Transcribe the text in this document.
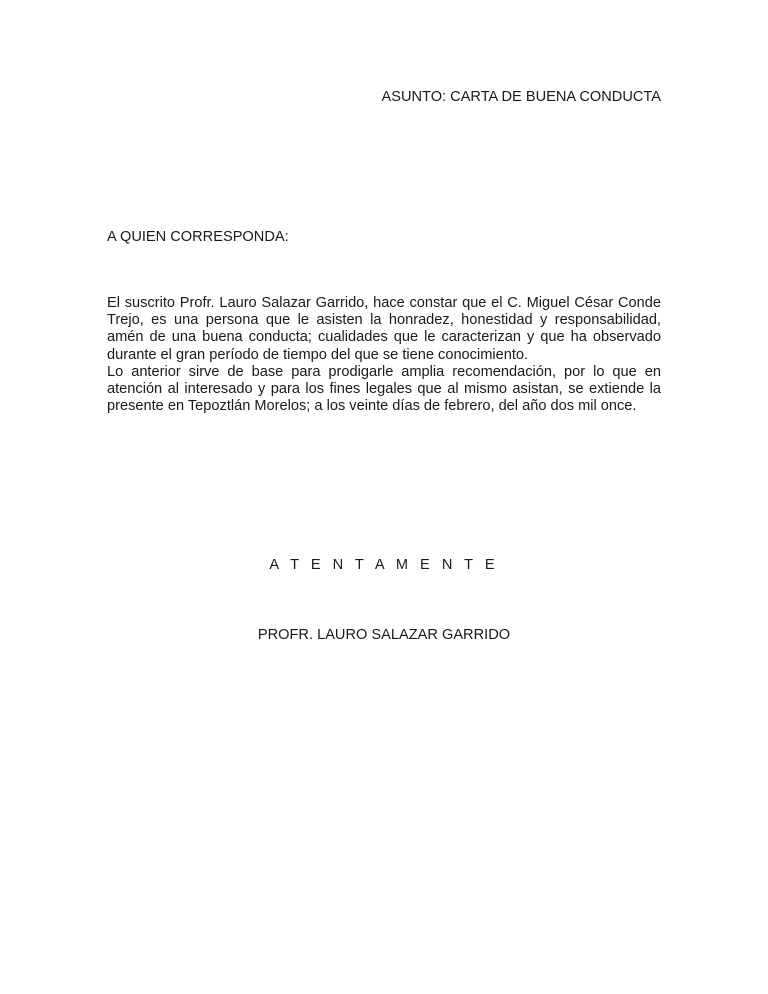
ASUNTO: CARTA DE BUENA CONDUCTA

A QUIEN CORRESPONDA:

El suscrito Profr. Lauro Salazar Garrido, hace constar que el C. Miguel César Conde Trejo, es una persona que le asisten la honradez, honestidad y responsabilidad, amén de una buena conducta; cualidades que le caracterizan y que ha observado durante el gran período de tiempo del que se tiene conocimiento.

Lo anterior sirve de base para prodigarle amplia recomendación, por lo que en atención al interesado y para los fines legales que al mismo asistan, se extiende la presente en Tepoztlán Morelos; a los veinte días de febrero, del año dos mil once.

A T E N T A M E N T E

PROFR. LAURO SALAZAR GARRIDO
